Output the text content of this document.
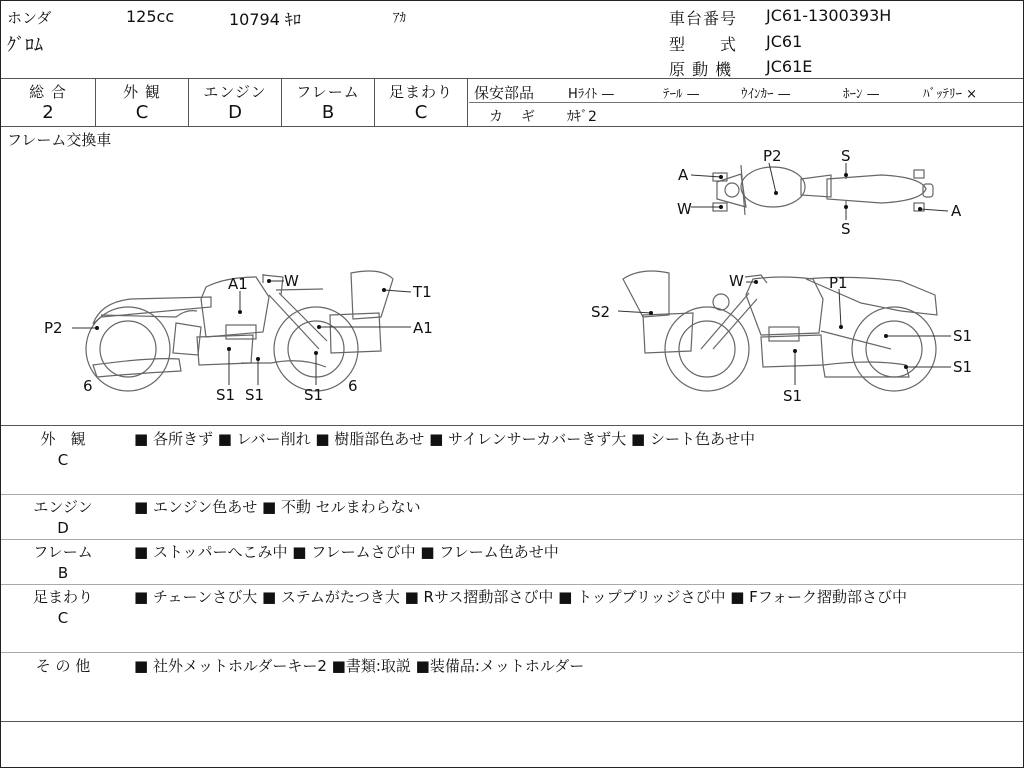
ホンダ	125cc	10794 ｷﾛ	ｱｶ
ｸﾞﾛﾑ
車台番号 JC61-1300393H
型　　式 JC61
原 動 機 JC61E
総 合
2
外 観
C
エンジン
D
フレーム
B
足まわり
C
保安部品	Hﾗｲﾄ —	ﾃｰﾙ —	ｳｲﾝｶｰ —	ﾎｰﾝ —	ﾊﾞｯﾃﾘｰ ×
カ　ギ ｶｷﾞ2
フレーム交換車
P2	S
A
W	A
S
A1 W
T1
P2	A1
6	S1 S1	S1 6
W	P1
S2
S1
S1
S1
外　観
C
■ 各所きず ■ レバー削れ ■ 樹脂部色あせ ■ サイレンサーカバーきず大 ■ シート色あせ中
エンジン
D
■ エンジン色あせ ■ 不動 セルまわらない
フレーム
B
■ ストッパーへこみ中 ■ フレームさび中 ■ フレーム色あせ中
足まわり
C
■ チェーンさび大 ■ ステムがたつき大 ■ Rサス摺動部さび中 ■ トップブリッジさび中 ■ Fフォーク摺動部さび中
そ の 他	■ 社外メットホルダーキー2 ■書類:取説 ■装備品:メットホルダー
